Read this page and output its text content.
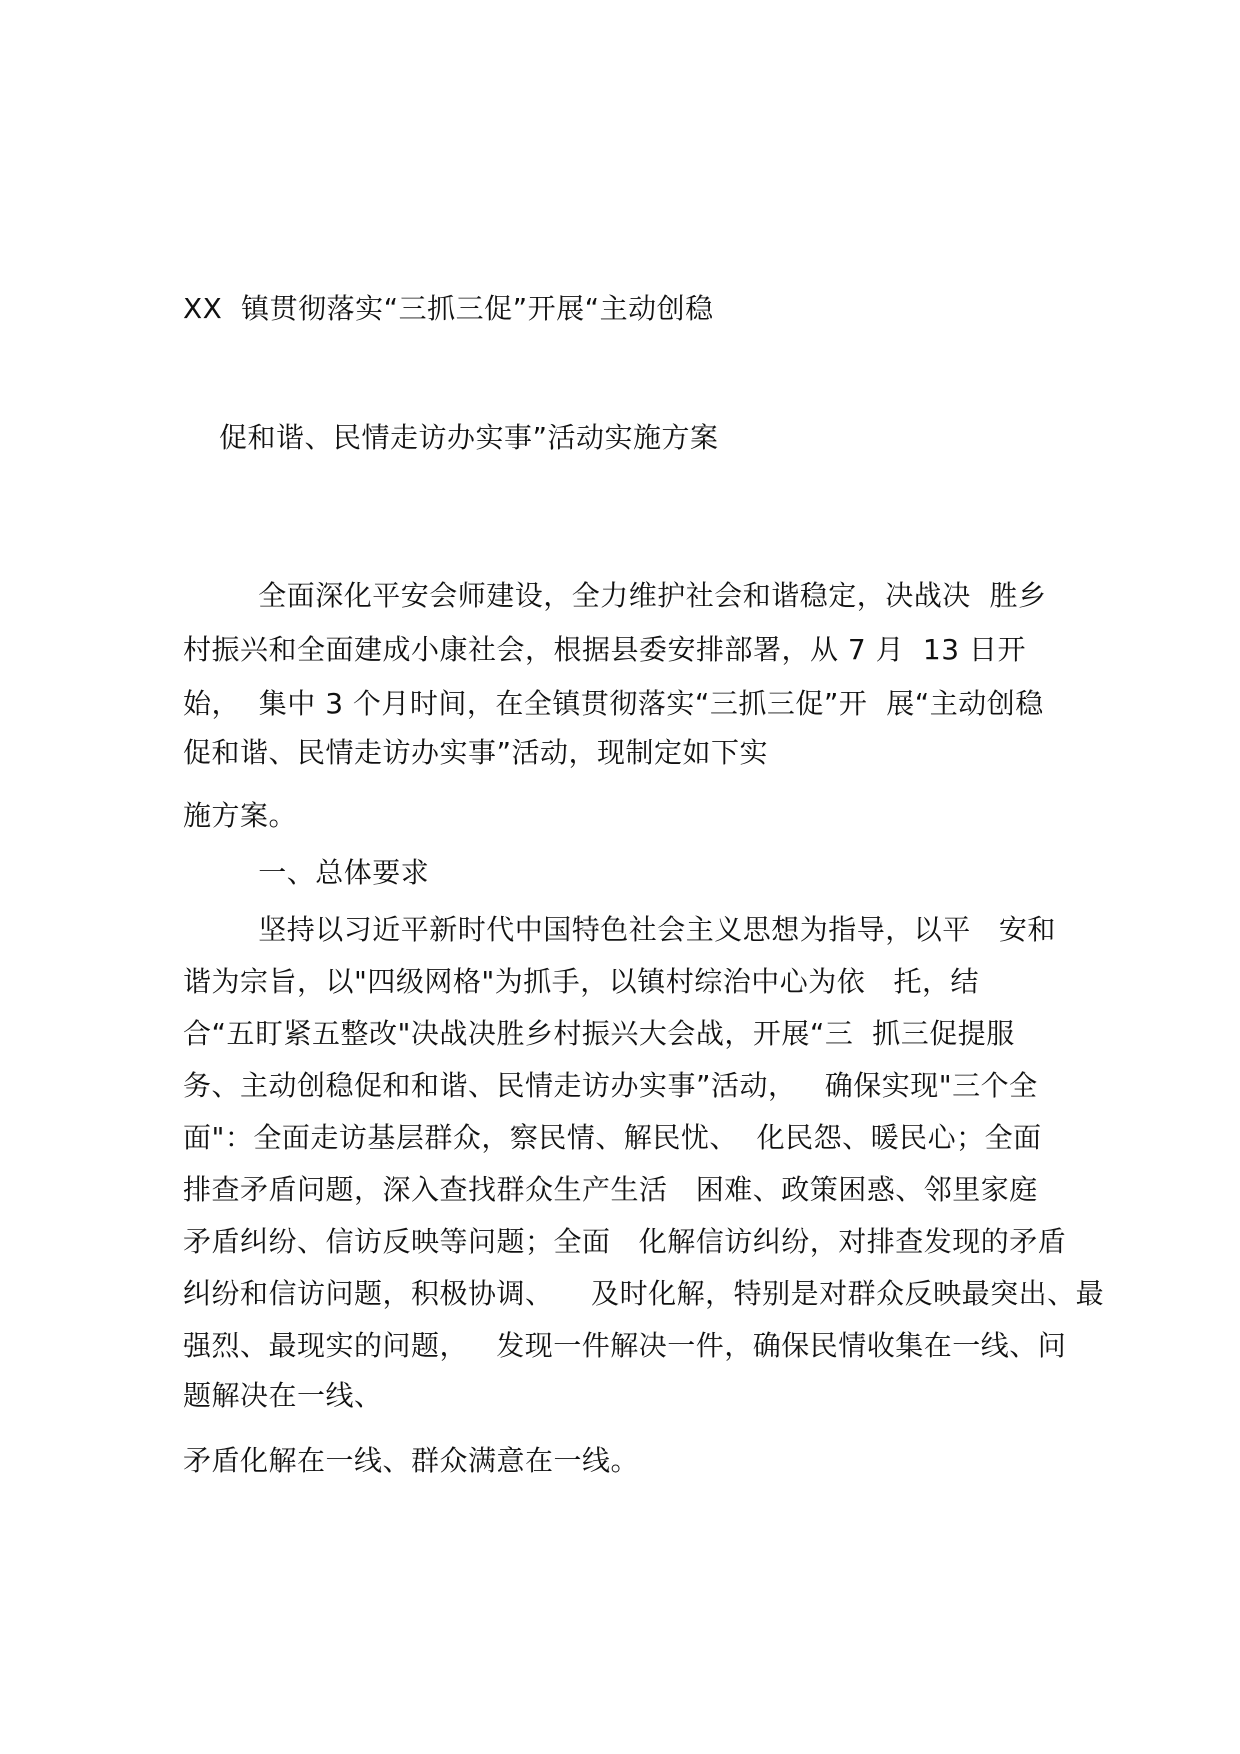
XX  镇贯彻落实“三抓三促”开展“主动创稳
促和谐、民情走访办实事”活动实施方案
全面深化平安会师建设，全力维护社会和谐稳定，决战决  胜乡
村振兴和全面建成小康社会，根据县委安排部署，从 7 月  13 日开
始，  集中 3 个月时间，在全镇贯彻落实“三抓三促”开  展“主动创稳
促和谐、民情走访办实事”活动，现制定如下实
施方案。
一、总体要求
坚持以习近平新时代中国特色社会主义思想为指导，以平   安和
谐为宗旨，以"四级网格"为抓手，以镇村综治中心为依   托，结
合“五盯紧五整改"决战决胜乡村振兴大会战，开展“三  抓三促提服
务、主动创稳促和和谐、民情走访办实事”活动，   确保实现"三个全
面"：全面走访基层群众，察民情、解民忧、  化民怨、暖民心；全面
排查矛盾问题，深入查找群众生产生活   困难、政策困惑、邻里家庭
矛盾纠纷、信访反映等问题；全面   化解信访纠纷，对排查发现的矛盾
纠纷和信访问题，积极协调、    及时化解，特别是对群众反映最突出、最
强烈、最现实的问题，   发现一件解决一件，确保民情收集在一线、问
题解决在一线、
矛盾化解在一线、群众满意在一线。
